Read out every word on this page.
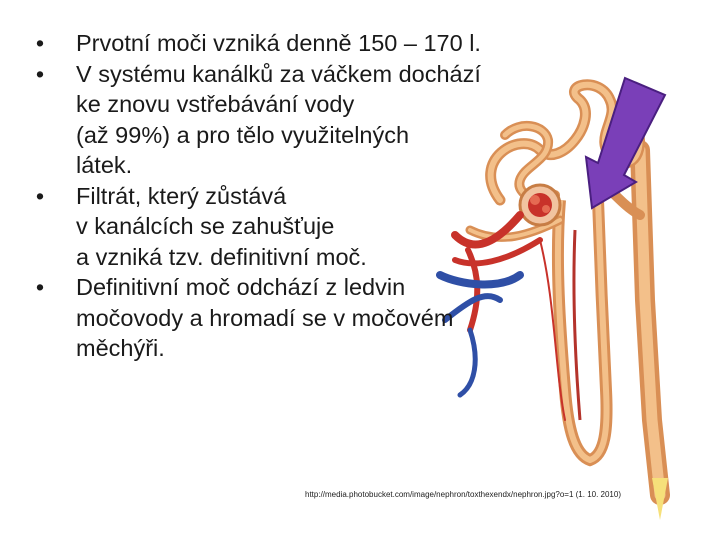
• Prvotní moči vzniká denně 150 – 170 l.
• V systému kanálků za váčkem dochází
ke znovu vstřebávání vody
(až 99%) a pro tělo využitelných
látek.
• Filtrát, který zůstává
v kanálcích se zahušťuje
a vzniká tzv. definitivní moč.
• Definitivní moč odchází z ledvin
močovody a hromadí se v močovém
měchýři.
http://media.photobucket.com/image/nephron/toxthexendx/nephron.jpg?o=1 (1. 10. 2010)
